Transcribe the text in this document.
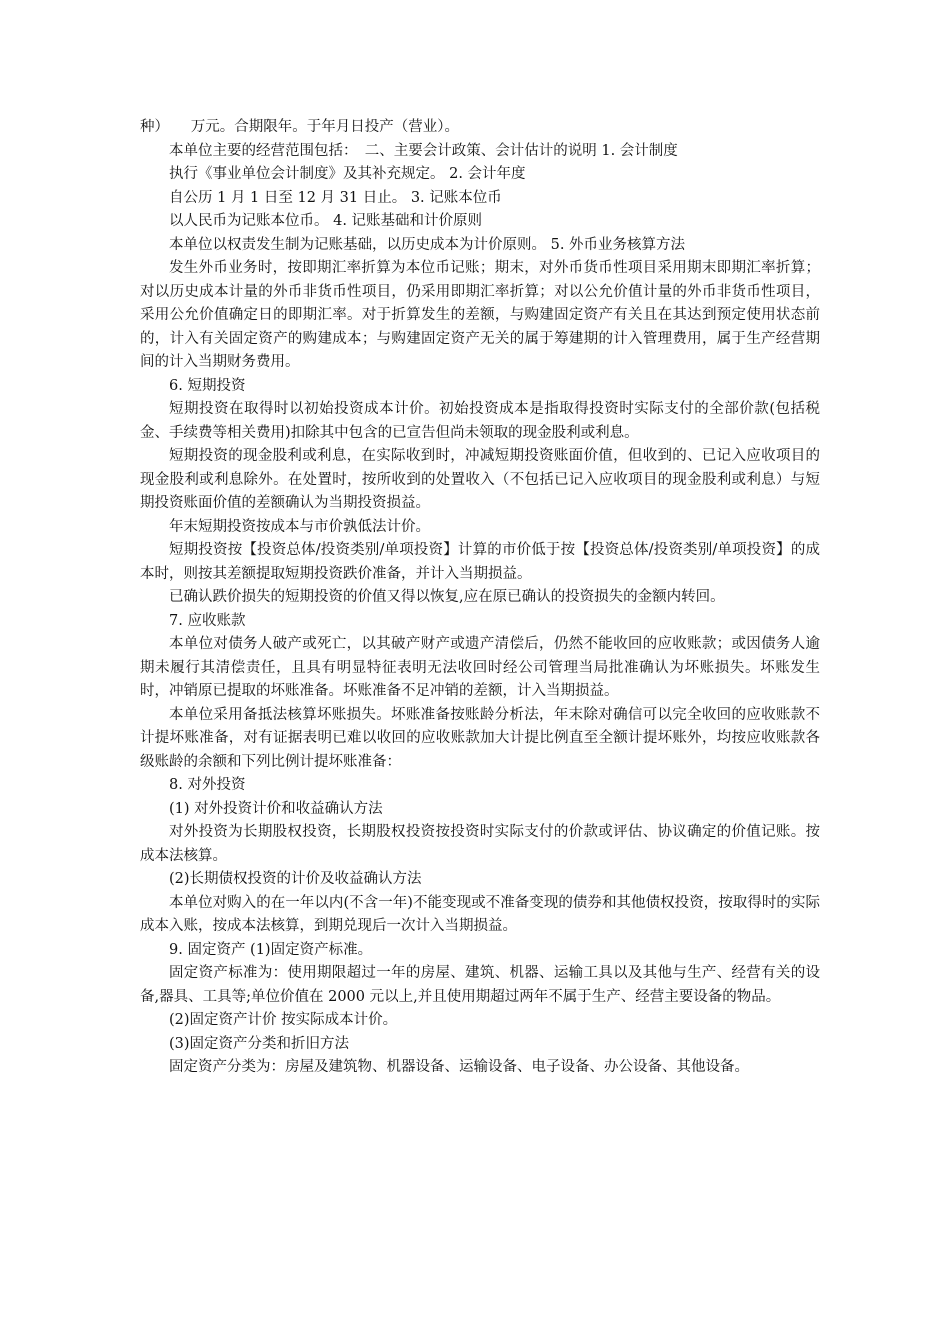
种）　　万元。合期限年。于年月日投产（营业）。

本单位主要的经营范围包括：　二、主要会计政策、会计估计的说明 1. 会计制度

执行《事业单位会计制度》及其补充规定。 2. 会计年度

自公历 1 月 1 日至 12 月 31 日止。 3. 记账本位币

以人民币为记账本位币。 4. 记账基础和计价原则

本单位以权责发生制为记账基础，以历史成本为计价原则。 5. 外币业务核算方法

发生外币业务时，按即期汇率折算为本位币记账；期末，对外币货币性项目采用期末即期汇率折算；对以历史成本计量的外币非货币性项目，仍采用即期汇率折算；对以公允价值计量的外币非货币性项目，采用公允价值确定日的即期汇率。对于折算发生的差额，与购建固定资产有关且在其达到预定使用状态前的，计入有关固定资产的购建成本；与购建固定资产无关的属于筹建期的计入管理费用，属于生产经营期间的计入当期财务费用。

6. 短期投资

短期投资在取得时以初始投资成本计价。初始投资成本是指取得投资时实际支付的全部价款(包括税金、手续费等相关费用)扣除其中包含的已宣告但尚未领取的现金股利或利息。

短期投资的现金股利或利息，在实际收到时，冲减短期投资账面价值，但收到的、已记入应收项目的现金股利或利息除外。在处置时，按所收到的处置收入（不包括已记入应收项目的现金股利或利息）与短期投资账面价值的差额确认为当期投资损益。

年末短期投资按成本与市价孰低法计价。

短期投资按【投资总体/投资类别/单项投资】计算的市价低于按【投资总体/投资类别/单项投资】的成本时，则按其差额提取短期投资跌价准备，并计入当期损益。

已确认跌价损失的短期投资的价值又得以恢复,应在原已确认的投资损失的金额内转回。

7. 应收账款

本单位对债务人破产或死亡，以其破产财产或遗产清偿后，仍然不能收回的应收账款；或因债务人逾期未履行其清偿责任，且具有明显特征表明无法收回时经公司管理当局批准确认为坏账损失。坏账发生时，冲销原已提取的坏账准备。坏账准备不足冲销的差额，计入当期损益。

本单位采用备抵法核算坏账损失。坏账准备按账龄分析法，年末除对确信可以完全收回的应收账款不计提坏账准备，对有证据表明已难以收回的应收账款加大计提比例直至全额计提坏账外，均按应收账款各级账龄的余额和下列比例计提坏账准备：

8. 对外投资

(1) 对外投资计价和收益确认方法

对外投资为长期股权投资，长期股权投资按投资时实际支付的价款或评估、协议确定的价值记账。按成本法核算。

(2)长期债权投资的计价及收益确认方法

本单位对购入的在一年以内(不含一年)不能变现或不准备变现的债券和其他债权投资，按取得时的实际成本入账，按成本法核算，到期兑现后一次计入当期损益。

9. 固定资产 (1)固定资产标准。

固定资产标准为：使用期限超过一年的房屋、建筑、机器、运输工具以及其他与生产、经营有关的设备,器具、工具等;单位价值在 2000 元以上,并且使用期超过两年不属于生产、经营主要设备的物品。

(2)固定资产计价 按实际成本计价。

(3)固定资产分类和折旧方法

固定资产分类为：房屋及建筑物、机器设备、运输设备、电子设备、办公设备、其他设备。
